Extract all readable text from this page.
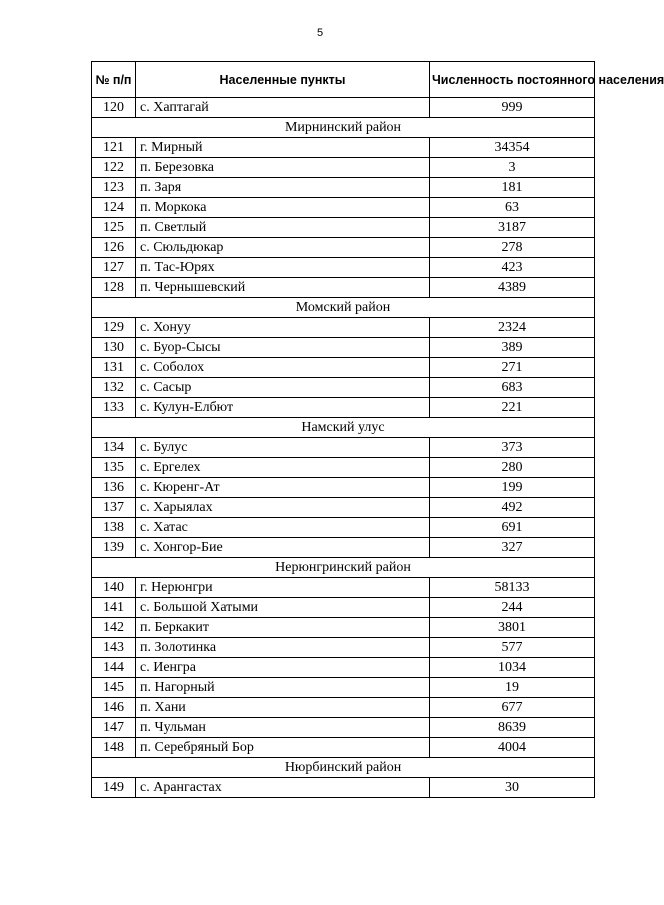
5
№ п/п	Населенные пункты	Численность постоянного населения
120	с. Хаптагай	999
Мирнинский район		
121	г. Мирный	34354
122	п. Березовка	3
123	п. Заря	181
124	п. Моркока	63
125	п. Светлый	3187
126	с. Сюльдюкар	278
127	п. Тас-Юрях	423
128	п. Чернышевский	4389
Момский район		
129	с. Хонуу	2324
130	с. Буор-Сысы	389
131	с. Соболох	271
132	с. Сасыр	683
133	с. Кулун-Елбют	221
Намский улус		
134	с. Булус	373
135	с. Ергелех	280
136	с. Кюренг-Ат	199
137	с. Харыялах	492
138	с. Хатас	691
139	с. Хонгор-Бие	327
Нерюнгринский район		
140	г. Нерюнгри	58133
141	с. Большой Хатыми	244
142	п. Беркакит	3801
143	п. Золотинка	577
144	с. Иенгра	1034
145	п. Нагорный	19
146	п. Хани	677
147	п. Чульман	8639
148	п. Серебряный Бор	4004
Нюрбинский район		
149	с. Арангастах	30
